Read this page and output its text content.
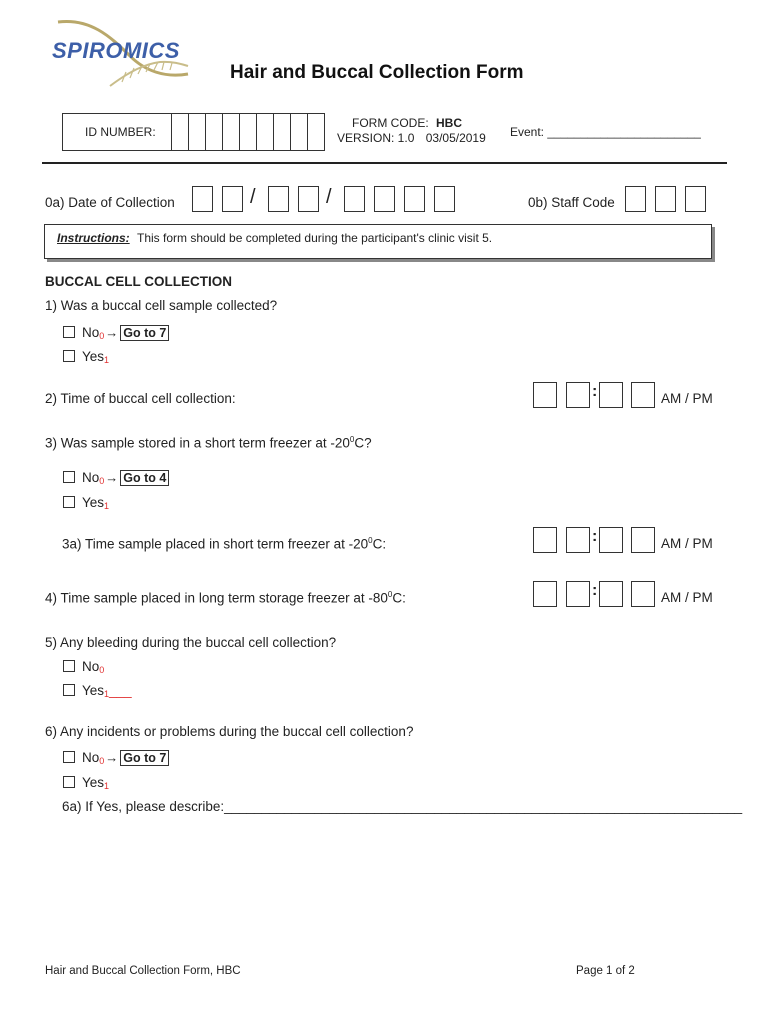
SPIROMICS
Hair and Buccal Collection Form
ID NUMBER:
FORM CODE: HBC
VERSION: 1.0 03/05/2019 Event: _______________________
0a) Date of Collection	/	/	0b) Staff Code
Instructions: This form should be completed during the participant's clinic visit 5.
BUCCAL CELL COLLECTION
1) Was a buccal cell sample collected?
$No_0\to Go$ to 7
Yes$_1$
2) Time of buccal cell collection:	:	AM / PM
3) Was sample stored in a short term freezer at $-20^0C$?
$No_0\to Go$ to 4
Yes$_1$
3a) Time sample placed in short term freezer at $-20^0C$:	:	AM / PM
4) Time sample placed in long term storage freezer at $-80^0C$:	:	AM / PM
5) Any bleeding during the buccal cell collection?
$No_0$
Yes$_1$___
6) Any incidents or problems during the buccal cell collection?
$No_0\to Go$ to 7
Yes$_1$
6a) If Yes, please describe:_____________________________________________________________________
Hair and Buccal Collection Form, HBC	Page 1 of 2
